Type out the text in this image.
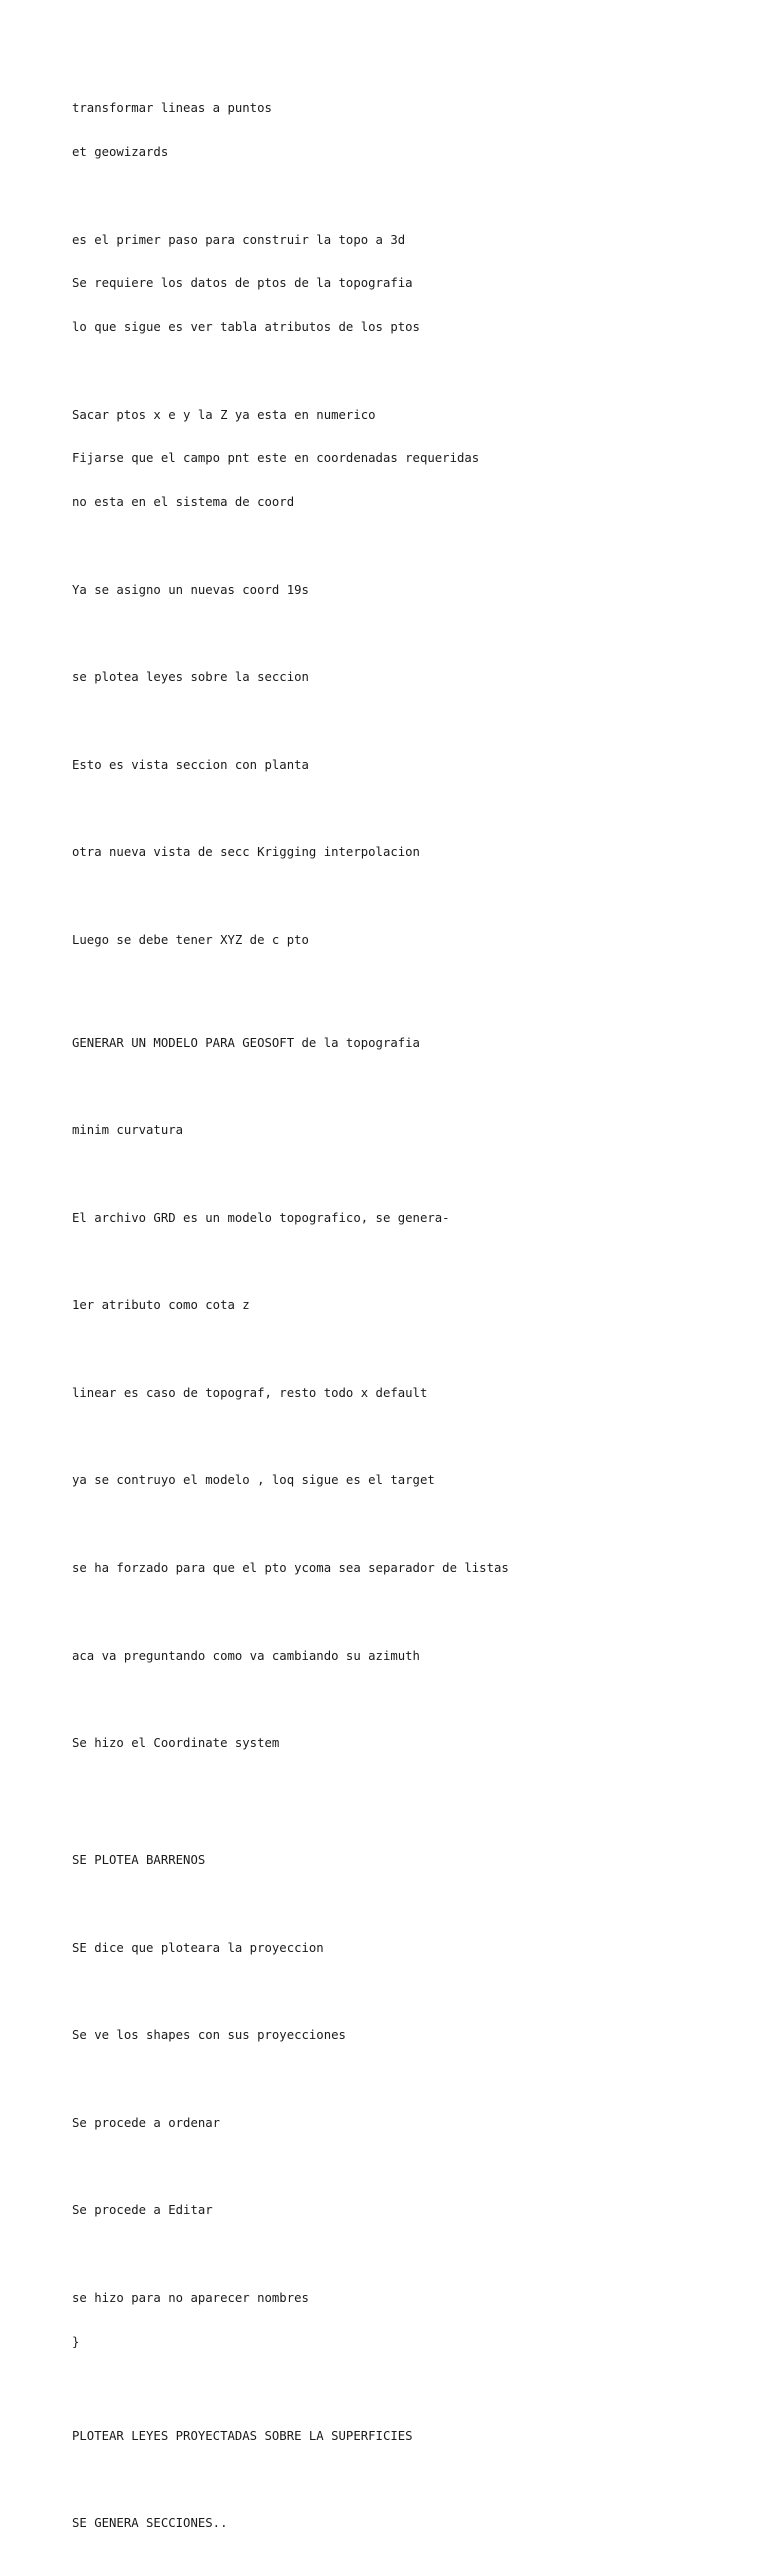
transformar lineas a puntos

et geowizards

es el primer paso para construir la topo a 3d

Se requiere los datos de ptos de la topografia

lo que sigue es ver tabla atributos de los ptos

Sacar ptos x e y la Z ya esta en numerico

Fijarse que el campo pnt este en coordenadas requeridas

no esta en el sistema de coord

Ya se asigno un nuevas coord 19s

se plotea leyes sobre la seccion

Esto es vista seccion con planta

otra nueva vista de secc Krigging interpolacion

Luego se debe tener XYZ de c pto

GENERAR UN MODELO PARA GEOSOFT de la topografia

minim curvatura

El archivo GRD es un modelo topografico, se genera-

1er atributo como cota z

linear es caso de topograf, resto todo x default

ya se contruyo el modelo , loq sigue es el target

se ha forzado para que el pto ycoma sea separador de listas

aca va preguntando como va cambiando su azimuth

Se hizo el Coordinate system

SE PLOTEA BARRENOS

SE dice que ploteara la proyeccion

Se ve los shapes con sus proyecciones

Se procede a ordenar

Se procede a Editar

se hizo para no aparecer nombres

}

PLOTEAR LEYES PROYECTADAS SOBRE LA SUPERFICIES

SE GENERA SECCIONES..
